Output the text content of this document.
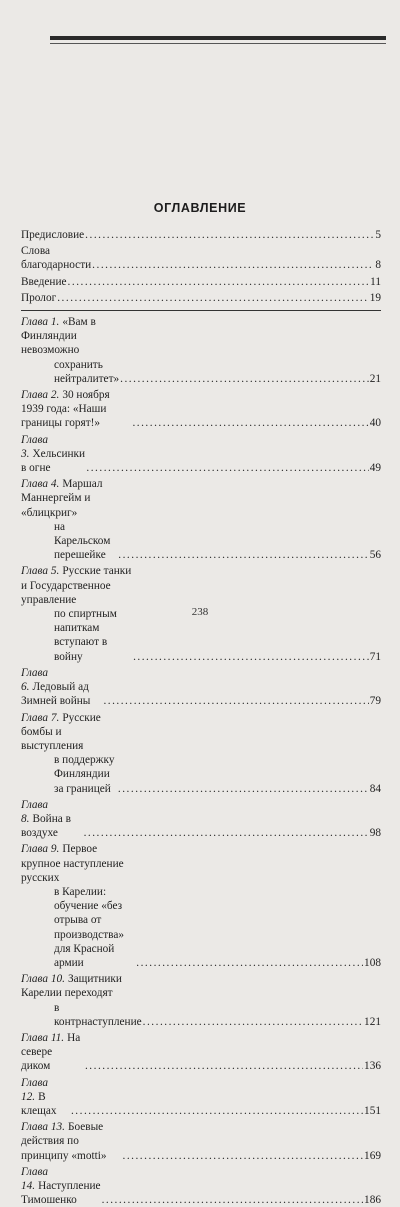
ОГЛАВЛЕНИЕ
Предисловие .....	5
Слова благодарности .....	8
Введение .....	11
Пролог .....	19
Глава 1. «Вам в Финляндии невозможно
сохранить нейтралитет» .....	21
Глава 2. 30 ноября 1939 года: «Наши границы горят!» .....	40
Глава 3. Хельсинки в огне .....	49
Глава 4. Маршал Маннергейм и «блицкриг»
на Карельском перешейке .....	56
Глава 5. Русские танки и Государственное управление
по спиртным напиткам вступают в войну .....	71
Глава 6. Ледовый ад Зимней войны .....	79
Глава 7. Русские бомбы и выступления
в поддержку Финляндии за границей .....	84
Глава 8. Война в воздухе .....	98
Глава 9. Первое крупное наступление русских
в Карелии: обучение «без отрыва от производства»
для Красной армии .....	108
Глава 10. Защитники Карелии переходят
в контрнаступление .....	121
Глава 11. На севере диком .....	136
Глава 12. В клещах .....	151
Глава 13. Боевые действия по принципу «motti» .....	169
Глава 14. Наступление Тимошенко .....	186
238
